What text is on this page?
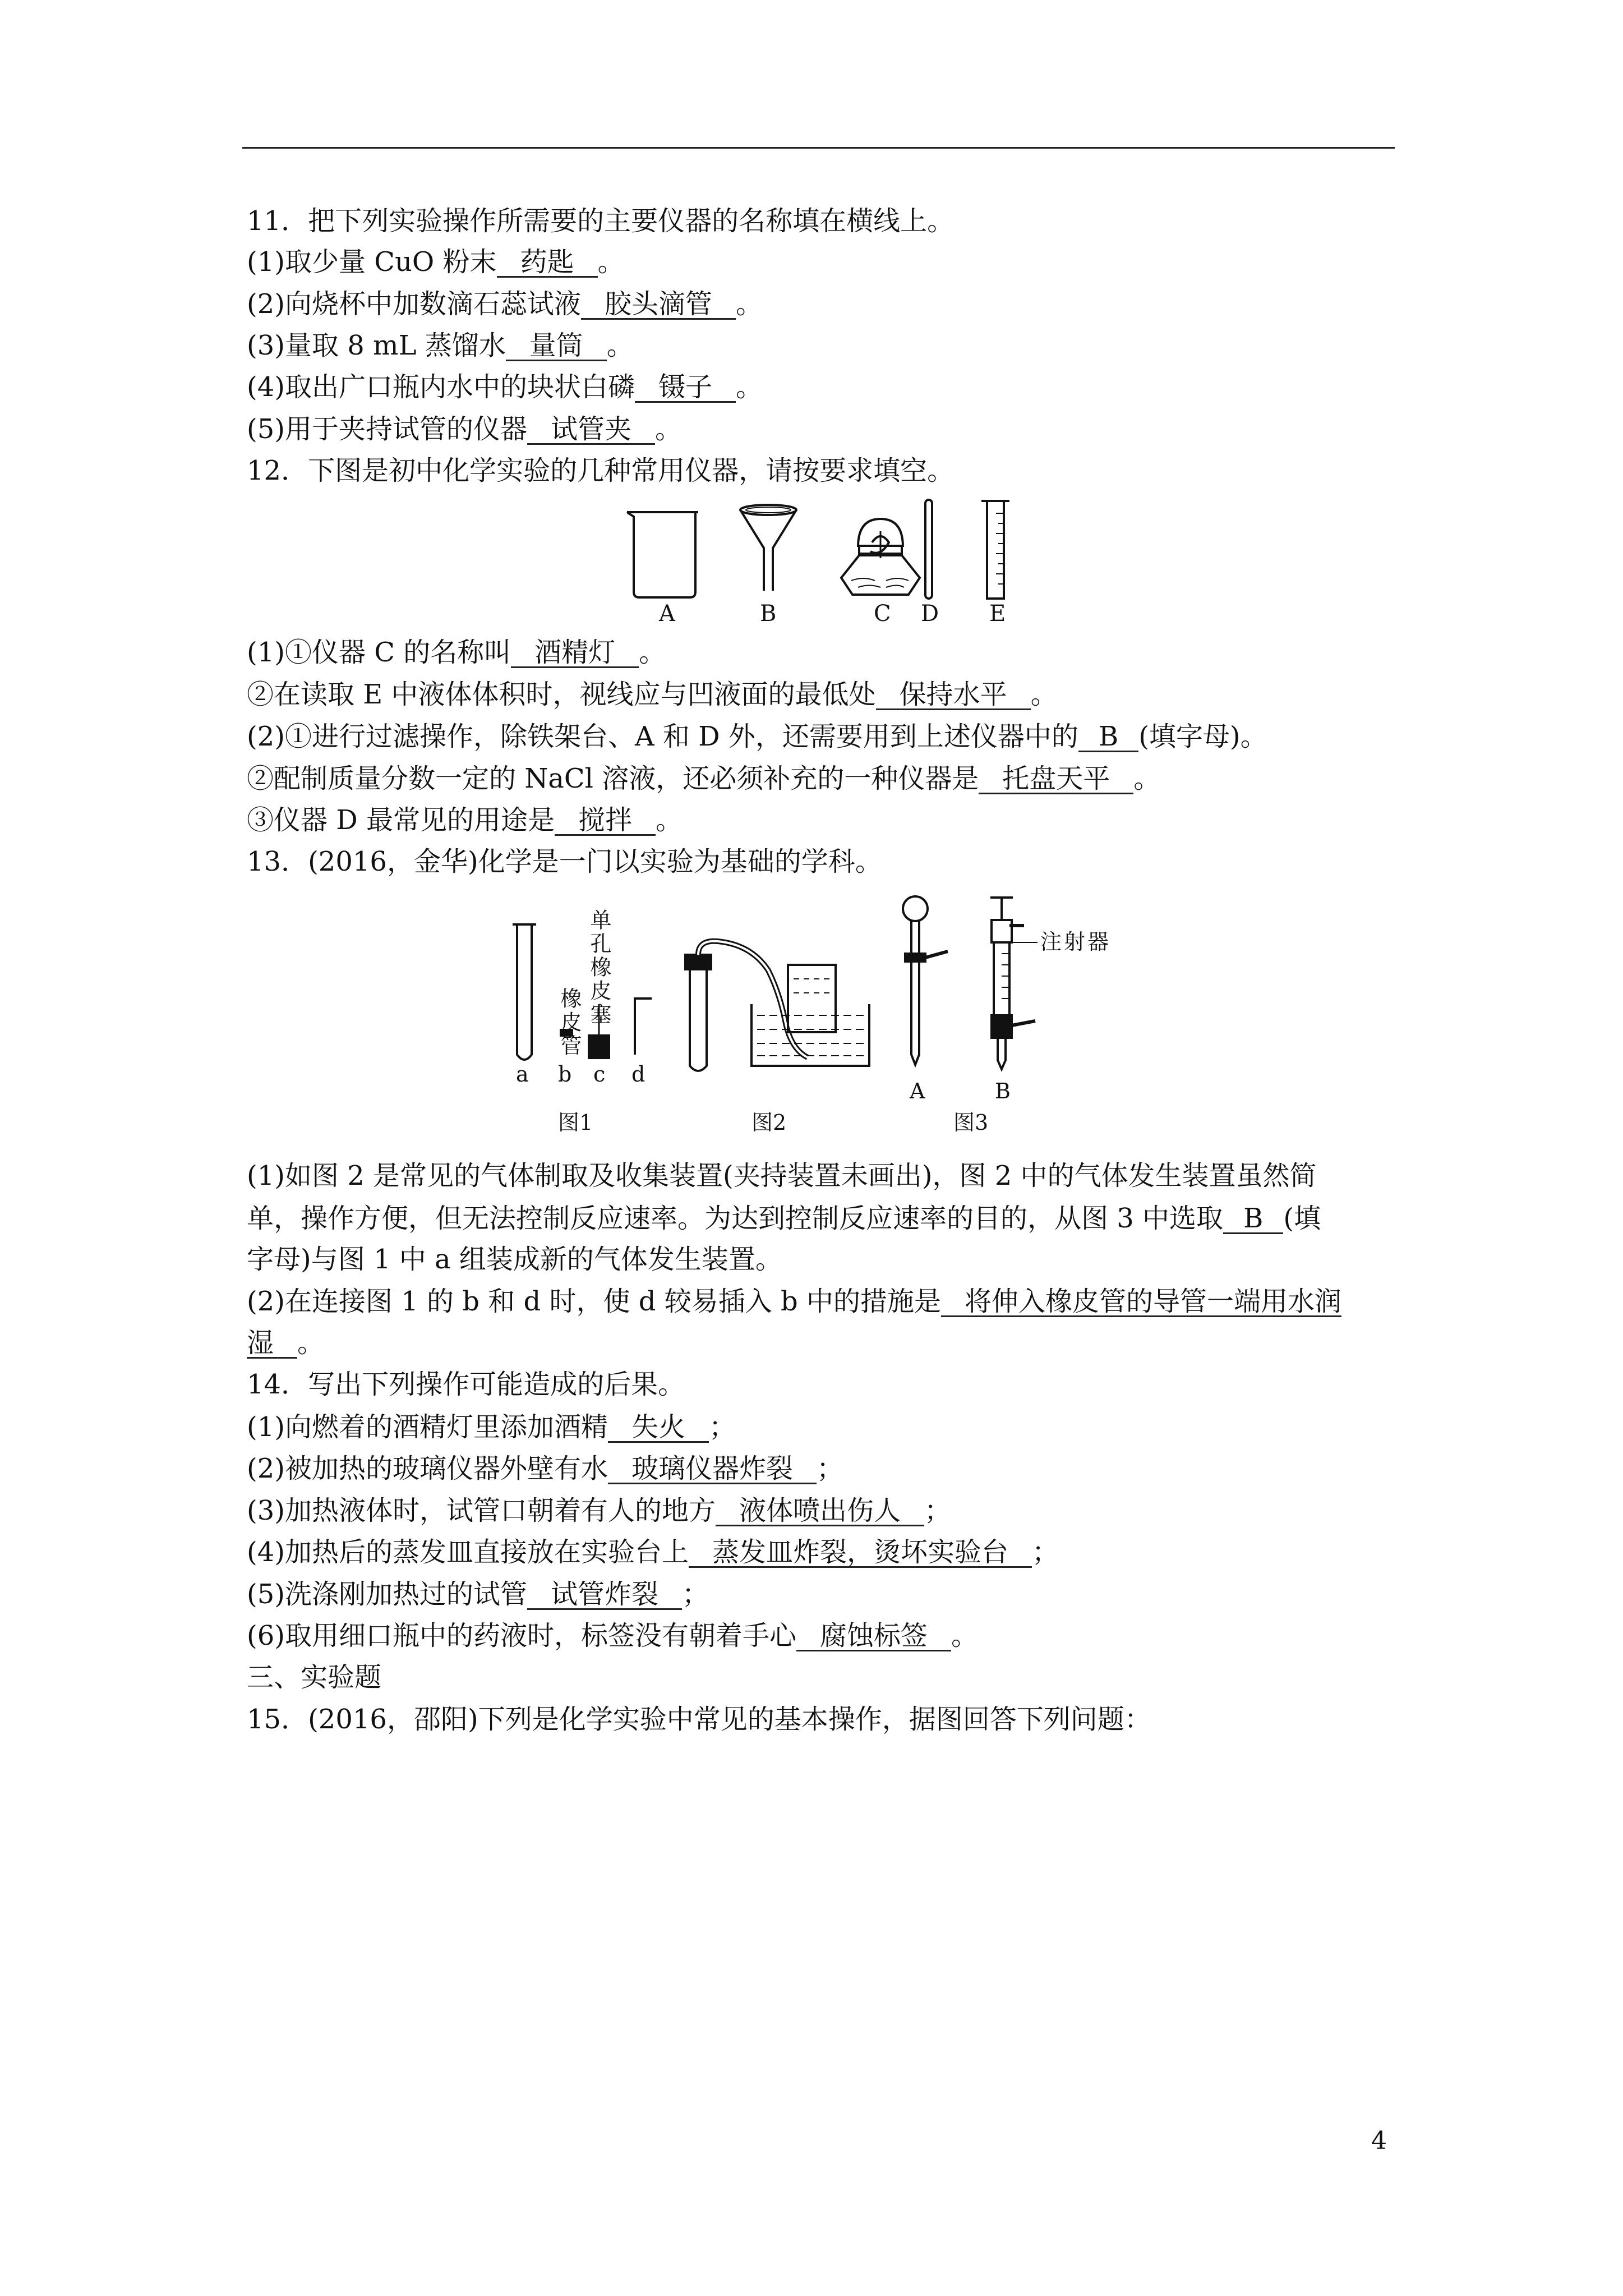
11．把下列实验操作所需要的主要仪器的名称填在横线上。
(1)取少量 CuO 粉末 药匙 。
(2)向烧杯中加数滴石蕊试液 胶头滴管 。
(3)量取 8 mL 蒸馏水 量筒 。
(4)取出广口瓶内水中的块状白磷 镊子 。
(5)用于夹持试管的仪器 试管夹 。
12．下图是初中化学实验的几种常用仪器，请按要求填空。
A	B	C D E
(1)①仪器 C 的名称叫 酒精灯 。
②在读取 E 中液体体积时，视线应与凹液面的最低处 保持水平 。
(2)①进行过滤操作，除铁架台、A 和 D 外，还需要用到上述仪器中的 B (填字母)。
②配制质量分数一定的 NaCl 溶液，还必须补充的一种仪器是 托盘天平 。
③仪器 D 最常见的用途是 搅拌 。
13．(2016，金华)化学是一门以实验为基础的学科。
橡皮管 单孔橡皮塞
a b c d
图1	图2
注射器
A	B
图3
(1)如图 2 是常见的气体制取及收集装置(夹持装置未画出)，图 2 中的气体发生装置虽然简
单，操作方便，但无法控制反应速率。为达到控制反应速率的目的，从图 3 中选取 B (填
字母)与图 1 中 a 组装成新的气体发生装置。
(2)在连接图 1 的 b 和 d 时，使 d 较易插入 b 中的措施是 将伸入橡皮管的导管一端用水润
湿 。
14．写出下列操作可能造成的后果。
(1)向燃着的酒精灯里添加酒精 失火 ；
(2)被加热的玻璃仪器外壁有水 玻璃仪器炸裂 ；
(3)加热液体时，试管口朝着有人的地方 液体喷出伤人 ；
(4)加热后的蒸发皿直接放在实验台上 蒸发皿炸裂，烫坏实验台 ；
(5)洗涤刚加热过的试管 试管炸裂 ；
(6)取用细口瓶中的药液时，标签没有朝着手心 腐蚀标签 。
三、实验题
15．(2016，邵阳)下列是化学实验中常见的基本操作，据图回答下列问题：
4
